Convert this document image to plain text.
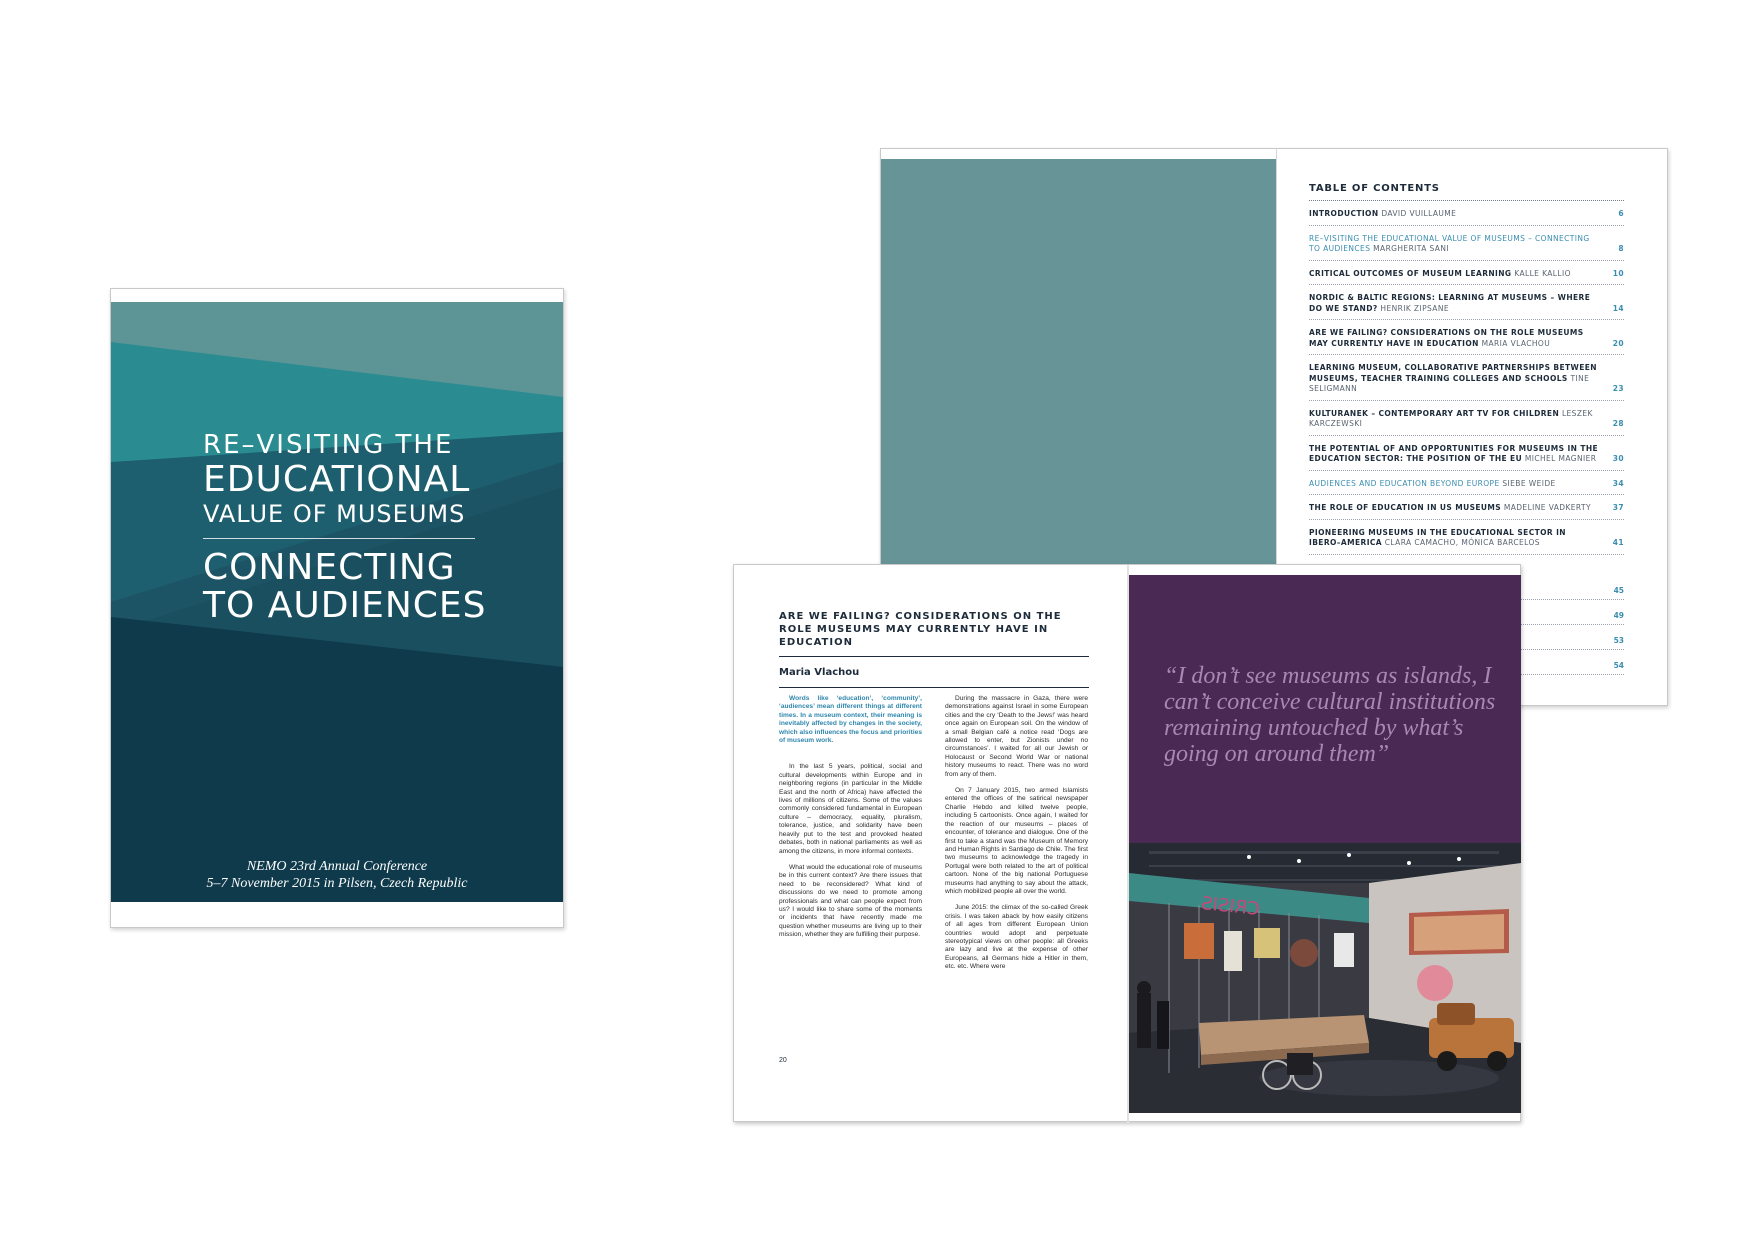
RE–VISITING THE
EDUCATIONAL
VALUE OF MUSEUMS
CONNECTING
TO AUDIENCES
NEMO 23rd Annual Conference
5–7 November 2015 in Pilsen, Czech Republic
TABLE OF CONTENTS
INTRODUCTION DAVID VUILLAUME	6
RE–VISITING THE EDUCATIONAL VALUE OF MUSEUMS – CONNECTING TO AUDIENCES MARGHERITA SANI	8
CRITICAL OUTCOMES OF MUSEUM LEARNING KALLE KALLIO	10
NORDIC & BALTIC REGIONS: LEARNING AT MUSEUMS – WHERE DO WE STAND? HENRIK ZIPSANE	14
ARE WE FAILING? CONSIDERATIONS ON THE ROLE MUSEUMS MAY CURRENTLY HAVE IN EDUCATION MARIA VLACHOU	20
LEARNING MUSEUM, COLLABORATIVE PARTNERSHIPS BETWEEN MUSEUMS, TEACHER TRAINING COLLEGES AND SCHOOLS TINE SELIGMANN	23
KULTURANEK – CONTEMPORARY ART TV FOR CHILDREN LESZEK KARCZEWSKI	28
THE POTENTIAL OF AND OPPORTUNITIES FOR MUSEUMS IN THE EDUCATION SECTOR: THE POSITION OF THE EU MICHEL MAGNIER 30
AUDIENCES AND EDUCATION BEYOND EUROPE SIEBE WEIDE	34
THE ROLE OF EDUCATION IN US MUSEUMS MADELINE VADKERTY	37
PIONEERING MUSEUMS IN THE EDUCATIONAL SECTOR IN IBERO–AMERICA CLARA CAMACHO, MÓNICA BARCELOS	41
45
49
53
54
ARE WE FAILING? CONSIDERATIONS ON THE ROLE MUSEUMS MAY CURRENTLY HAVE IN EDUCATION
Maria Vlachou

Words like ‘education’, ‘community’, ‘audiences’ mean different things at different times. In a museum context, their meaning is inevitably affected by changes in the society, which also influences the focus and priorities of museum work.

In the last 5 years, political, social and cultural developments within Europe and in neighboring regions (in particular in the Middle East and the north of Africa) have affected the lives of millions of citizens. Some of the values commonly considered fundamental in European culture – democracy, equality, pluralism, tolerance, justice, and solidarity have been heavily put to the test and provoked heated debates, both in national parliaments as well as among the citizens, in more informal contexts.

What would the educational role of museums be in this current context? Are there issues that need to be reconsidered? What kind of discussions do we need to promote among professionals and what can people expect from us? I would like to share some of the moments or incidents that have recently made me question whether museums are living up to their mission, whether they are fulfilling their purpose.

During the massacre in Gaza, there were demonstrations against Israel in some European cities and the cry ‘Death to the Jews!’ was heard once again on European soil. On the window of a small Belgian café a notice read ‘Dogs are allowed to enter, but Zionists under no circumstances’. I waited for all our Jewish or Holocaust or Second World War or national history museums to react. There was no word from any of them.

On 7 January 2015, two armed Islamists entered the offices of the satirical newspaper Charlie Hebdo and killed twelve people, including 5 cartoonists. Once again, I waited for the reaction of our museums – places of encounter, of tolerance and dialogue. One of the first to take a stand was the Museum of Memory and Human Rights in Santiago de Chile. The first two museums to acknowledge the tragedy in Portugal were both related to the art of political cartoon. None of the big national Portuguese museums had anything to say about the attack, which mobilized people all over the world.

June 2015: the climax of the so-called Greek crisis. I was taken aback by how easily citizens of all ages from different European Union countries would adopt and perpetuate stereotypical views on other people: all Greeks are lazy and live at the expense of other Europeans, all Germans hide a Hitler in them, etc. etc. Where were

20
“I don’t see museums as islands, I can’t conceive cultural institutions remaining untouched by what’s going on around them”
CRISIS
